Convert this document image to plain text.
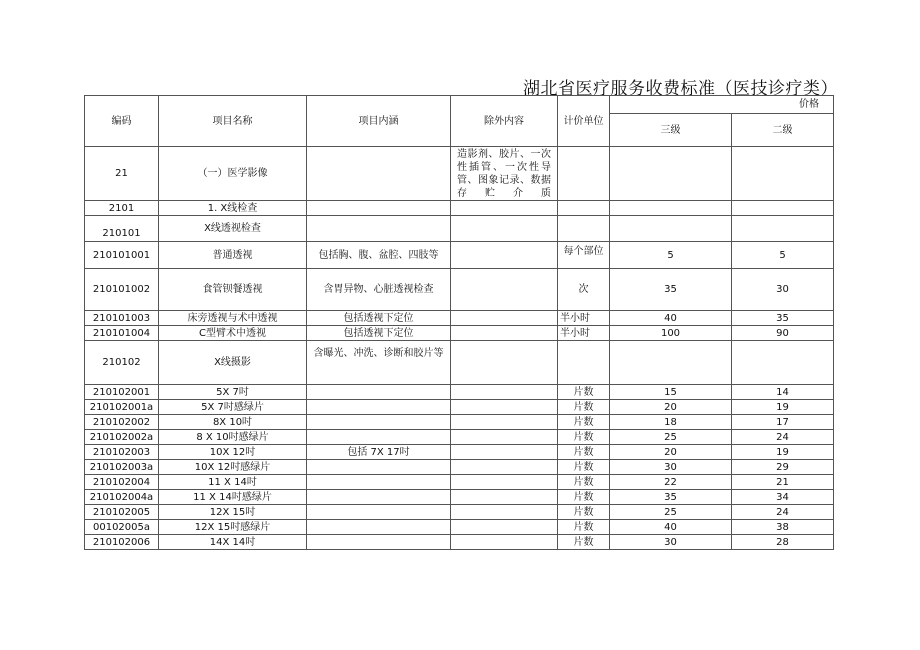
湖北省医疗服务收费标准（医技诊疗类）
编码	项目名称	项目内涵	除外内容	计价单位	价格	
					三级	二级
21	（一）医学影像		造影剂、胶片、一次性插管、一次性导管、图象记录、数据存贮介质			
2101	1. X线检查					
210101	X线透视检查					
210101001	普通透视	包括胸、腹、盆腔、四肢等		每个部位	5	5
210101002	食管钡餐透视	含胃异物、心脏透视检查		次	35	30
210101003	床旁透视与术中透视	包括透视下定位		半小时	40	35
210101004	C型臂术中透视	包括透视下定位		半小时	100	90
210102	X线摄影	含曝光、冲洗、诊断和胶片等				
210102001	5X 7吋			片数	15	14
210102001a	5X 7吋感绿片			片数	20	19
210102002	8X 10吋			片数	18	17
210102002a	8 X 10吋感绿片			片数	25	24
210102003	10X 12吋	包括 7X 17吋		片数	20	19
210102003a	10X 12吋感绿片			片数	30	29
210102004	11 X 14吋			片数	22	21
210102004a	11 X 14吋感绿片			片数	35	34
210102005	12X 15吋			片数	25	24
00102005a	12X 15吋感绿片			片数	40	38
210102006	14X 14吋			片数	30	28
